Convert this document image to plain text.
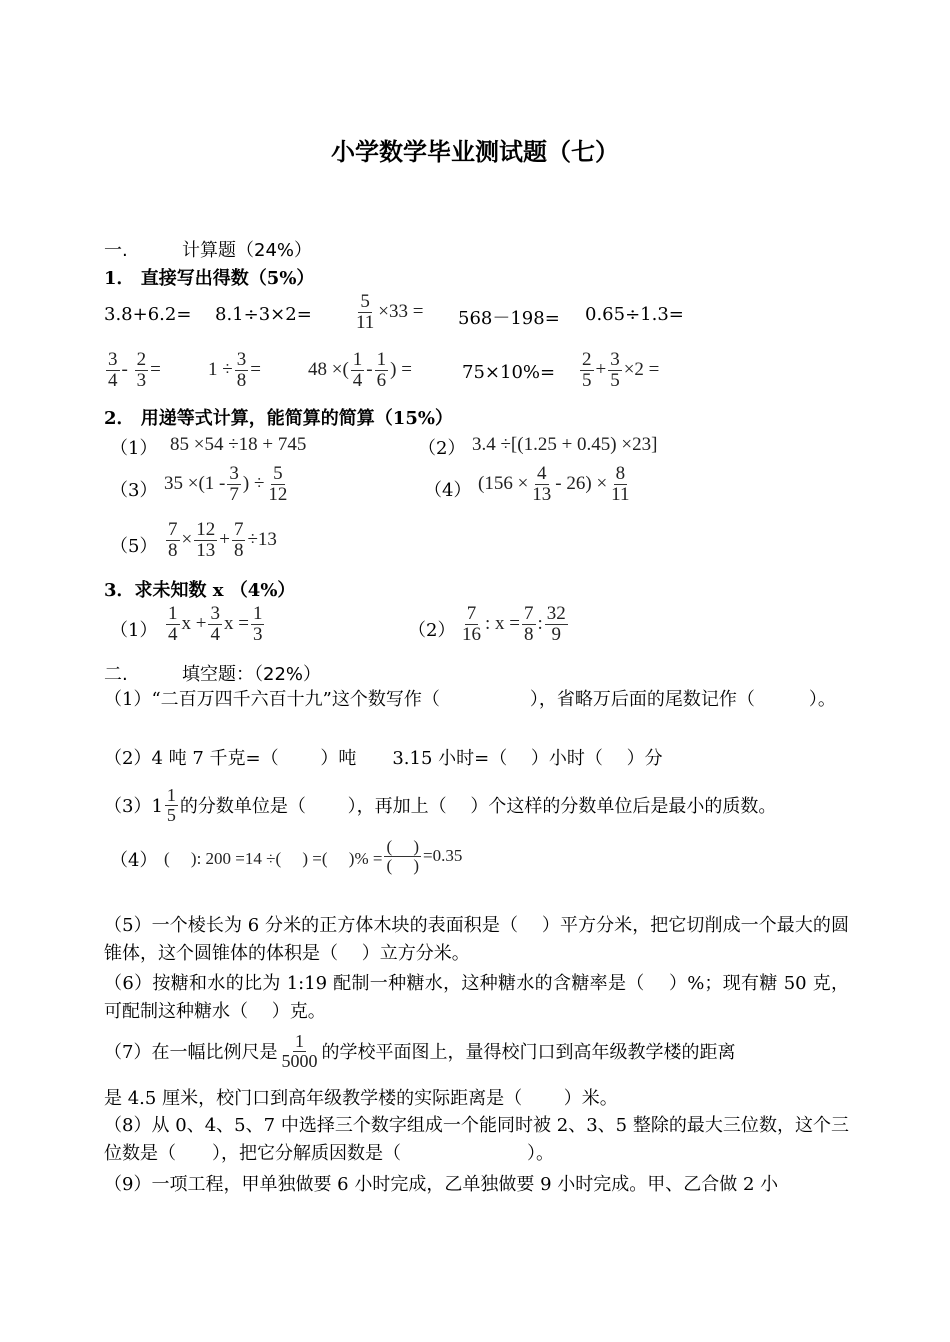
小学数学毕业测试题（七）
一.	计算题（24%）
1． 直接写出得数（5%）
$3.8+6.2= 8.1\div 3\times 2= \frac{5}{11} \times 33 = 568-198= 0.65\div 1.3=$
$\frac{3}{4} - \frac{2}{3} = 1 \div \frac{3}{8} = 48$ ×( $\frac{1}{4} - \frac{1}{6}$ ) =	$75\times 10\%= \frac{2}{5} + \frac{3}{5} \times 2$ =
2． 用递等式计算，能简算的简算（15%）
（1） 85 ×54 ÷18 + 745	（2） 3.4 ÷[(1.25 + 0.45) ×23]
（3） $35 \times(1 - \frac{3}{7}$ ) ÷ $\frac{5}{12}$	（4） $(156 \times \frac{4}{13} - 26) \times \frac{8}{11}$
$(5) \frac{7}{8} \times \frac{12}{13} + \frac{7}{8} \div 13$
3．求未知数 x （4%）
$(1) \frac{1}{4}$ $x + \frac{3}{4}$ $x = \frac{1}{3}$	$(2) \frac{7}{16}$ : $x = \frac{7}{8}$ : $\frac{32}{9}$
二.	填空题：（22%）
（1）“二百万四千六百十九”这个数写作（　　　　　），省略万后面的尾数记作（　　　）。
（2）4 吨 7 千克=（　　 ）吨　　3.15 小时=（　 ）小时（　 ）分
$(3)1 \frac{1}{5}$ 的分数单位是（　　 ），再加上（　 ）个这样的分数单位后是最小的质数。
（4） (　 ): 200 =14 ÷(　 ) =(　 )% = $\frac{( )}{( )} =0.35$
（5）一个棱长为 6 分米的正方体木块的表面积是（　 ）平方分米，把它切削成一个最大的圆锥体，这个圆锥体的体积是（　 ）立方分米。
（6）按糖和水的比为 1:19 配制一种糖水，这种糖水的含糖率是（　 ）%；现有糖 50 克，可配制这种糖水（　 ）克。
（7）在一幅比例尺是 $\frac{1}{5000}$ 的学校平面图上，量得校门口到高年级教学楼的距离
是 4.5 厘米，校门口到高年级教学楼的实际距离是（　　 ）米。
（8）从 0、4、5、7 中选择三个数字组成一个能同时被 2、3、5 整除的最大三位数，这个三位数是（　　），把它分解质因数是（　　　　　　　）。
（9）一项工程，甲单独做要 6 小时完成，乙单独做要 9 小时完成。甲、乙合做 2 小
